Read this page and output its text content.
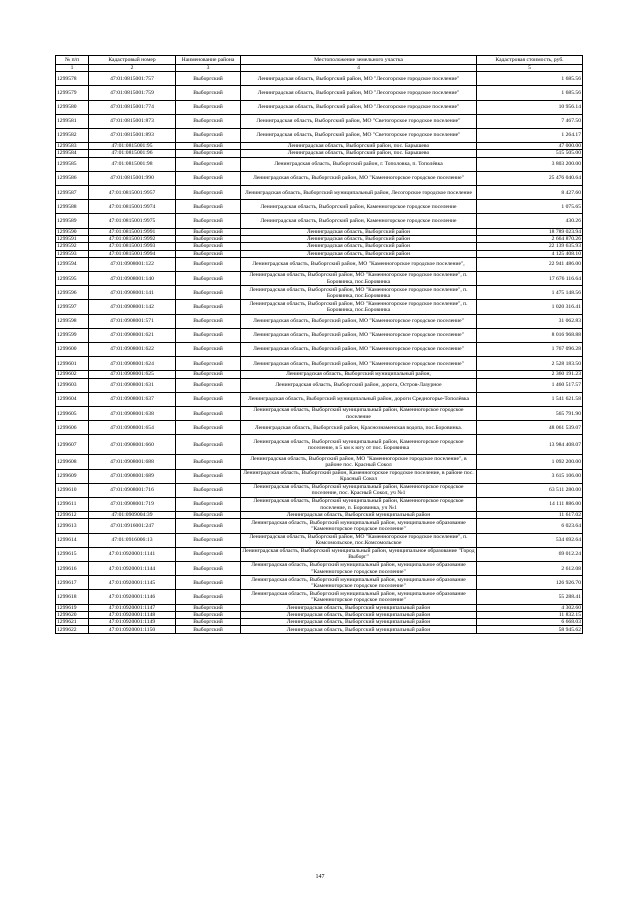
№ п/п	Кадастровый номер	Наименование района	Местоположение земельного участка	Кадастровая стоимость, руб.
1	2	3	4	5
1299578	47:01:0815001:757	Выборгский	Ленинградская область, Выборгский район, МО "Лесогорское городское поселение"	1 685.56
1299579	47:01:0815001:759	Выборгский	Ленинградская область, Выборгский район, МО "Лесогорское городское поселение"	1 685.56
1299580	47:01:0815001:774	Выборгский	Ленинградская область, Выборгский район, МО "Лесогорское городское поселение"	10 956.14
1299581	47:01:0815001:873	Выборгский	Ленинградская область, Выборгский район, МО "Светогорское городское поселение"	7 467.50
1299582	47:01:0815001:893	Выборгский	Ленинградская область, Выборгский район, МО "Светогорское городское поселение"	1 264.17
1299583	47:01:0815001:95	Выборгский	Ленинградская область, Выборгский район, пос. Барышево	47 000.00
1299584	47:01:0815001:96	Выборгский	Ленинградская область, Выборгский район, пос. Барышево	515 505.00
1299585	47:01:0815001:98	Выборгский	Ленинградская область, Выборгский район, г. Тополовка, п. Тополёвка	3 803 200.00
1299586	47:01:0815001:990	Выборгский	Ленинградская область, Выборгский район, МО "Каменногорское городское поселение"	25 476 040.64
1299587	47:01:0815001:9957	Выборгский	Ленинградская область, Выборгский муниципальный район, Лесогорское городское поселение	8 427.60
1299588	47:01:0815001:9974	Выборгский	Ленинградская область, Выборгский район, Каменногорское городское поселение	1 075.65
1299589	47:01:0815001:9975	Выборгский	Ленинградская область, Выборгский район, Каменногорское городское поселение	430.26
1299590	47:01:0815001:9991	Выборгский	Ленинградская область, Выборгский район	18 789 023.94
1299591	47:01:0815001:9992	Выборгский	Ленинградская область, Выборгский район	2 664 870.26
1299592	47:01:0815001:9993	Выборгский	Ленинградская область, Выборгский район	22 139 635.93
1299593	47:01:0815001:9994	Выборгский	Ленинградская область, Выборгский район	4 125 408.10
1299594	47:01:0908001:122	Выборгский	Ленинградская область, Выборгский район, МО "Каменногорское городское поселение",	22 941 486.00
1299595	47:01:0908001:140	Выборгский	Ленинградская область, Выборгский район, МО "Каменногорское городское поселение", п. Боровинка, пос.Боровинка	17 676 116.64
1299596	47:01:0908001:141	Выборгский	Ленинградская область, Выборгский район, МО "Каменногорское городское поселение", п. Боровинка, пос.Боровинка	1 475 148.56
1299597	47:01:0908001:142	Выборгский	Ленинградская область, Выборгский район, МО "Каменногорское городское поселение", п. Боровинка, пос.Боровинка	1 020 316.41
1299598	47:01:0908001:571	Выборгский	Ленинградская область, Выборгский район, МО "Каменногорское городское поселение"	31 062.83
1299599	47:01:0908001:621	Выборгский	Ленинградская область, Выборгский район, МО "Каменногорское городское поселение"	8 016 968.88
1299600	47:01:0908001:622	Выборгский	Ленинградская область, Выборгский район, МО "Каменногорское городское поселение"	1 767 096.28
1299601	47:01:0908001:624	Выборгский	Ленинградская область, Выборгский район, МО "Каменногорское городское поселение"	2 528 183.50
1299602	47:01:0908001:625	Выборгский	Ленинградская область, Выборгский муниципальный район,	2 360 191.23
1299603	47:01:0908001:631	Выборгский	Ленинградская область, Выборгский район, дорога, Остров-Лазурное	1 460 517.57
1299604	47:01:0908001:637	Выборгский	Ленинградская область, Выборгский муниципальный район, дороги Средногорье-Тополёвка	1 541 621.58
1299605	47:01:0908001:638	Выборгский	Ленинградская область, Выборгский муниципальный район, Каменногорское городское поселение	565 791.90
1299606	47:01:0908001:654	Выборгский	Ленинградская область, Выборгский район, Краснознаменская водопа, пос.Боровинка.	48 061 539.07
1299607	47:01:0908001:660	Выборгский	Ленинградская область, Выборгский муниципальный район, Каменногорское городское поселение, в 5 км к югу от пос. Боровинка	13 984 408.07
1299608	47:01:0908001:688	Выборгский	Ленинградская область, Выборгский район, МО "Каменногорское городское поселение", в районе пос. Красный Сокол	1 092 200.00
1299609	47:01:0908001:689	Выборгский	Ленинградская область, Выборгский район, Каменногорское городское поселение, в районе пос. Красный Сокол	3 615 106.00
1299610	47:01:0908001:716	Выборгский	Ленинградская область, Выборгский муниципальный район, Каменногорское городское поселение, пос. Красный Сокол, уч №1	63 511 280.00
1299611	47:01:0908001:719	Выборгский	Ленинградская область, Выборгский муниципальный район, Каменногорское городское поселение, п. Боровинка, уч №1	14 111 886.00
1299612	47:01:0909004:39	Выборгский	Ленинградская область, Выборгский муниципальный район	11 617.02
1299613	47:01:0916001:247	Выборгский	Ленинградская область, Выборгский муниципальный район, муниципальное образование "Каменногорское городское поселение"	6 023.64
1299614	47:01:0916006:13	Выборгский	Ленинградская область, Выборгский район, МО "Каменногорское городское поселение", п. Комсомольское, пос.Комсомольское	534 692.64
1299615	47:01:0920001:1141	Выборгский	Ленинградская область, Выборгский муниципальный район, муниципальное образование "Город Выборг"	69 012.24
1299616	47:01:0920001:1144	Выборгский	Ленинградская область, Выборгский муниципальный район, муниципальное образование "Каменногорское городское поселение"	2 612.08
1299617	47:01:0920001:1145	Выборгский	Ленинградская область, Выборгский муниципальный район, муниципальное образование "Каменногорское городское поселение"	126 926.70
1299618	47:01:0920001:1146	Выборгский	Ленинградская область, Выборгский муниципальный район, муниципальное образование "Каменногорское городское поселение"	55 288.41
1299619	47:01:0920001:1147	Выборгский	Ленинградская область, Выборгский муниципальный район	4 302.60
1299620	47:01:0920001:1148	Выборгский	Ленинградская область, Выборгский муниципальный район	11 832.15
1299621	47:01:0920001:1149	Выборгский	Ленинградская область, Выборгский муниципальный район	6 668.03
1299622	47:01:0920001:1150	Выборгский	Ленинградская область, Выборгский муниципальный район	58 945.62
147
